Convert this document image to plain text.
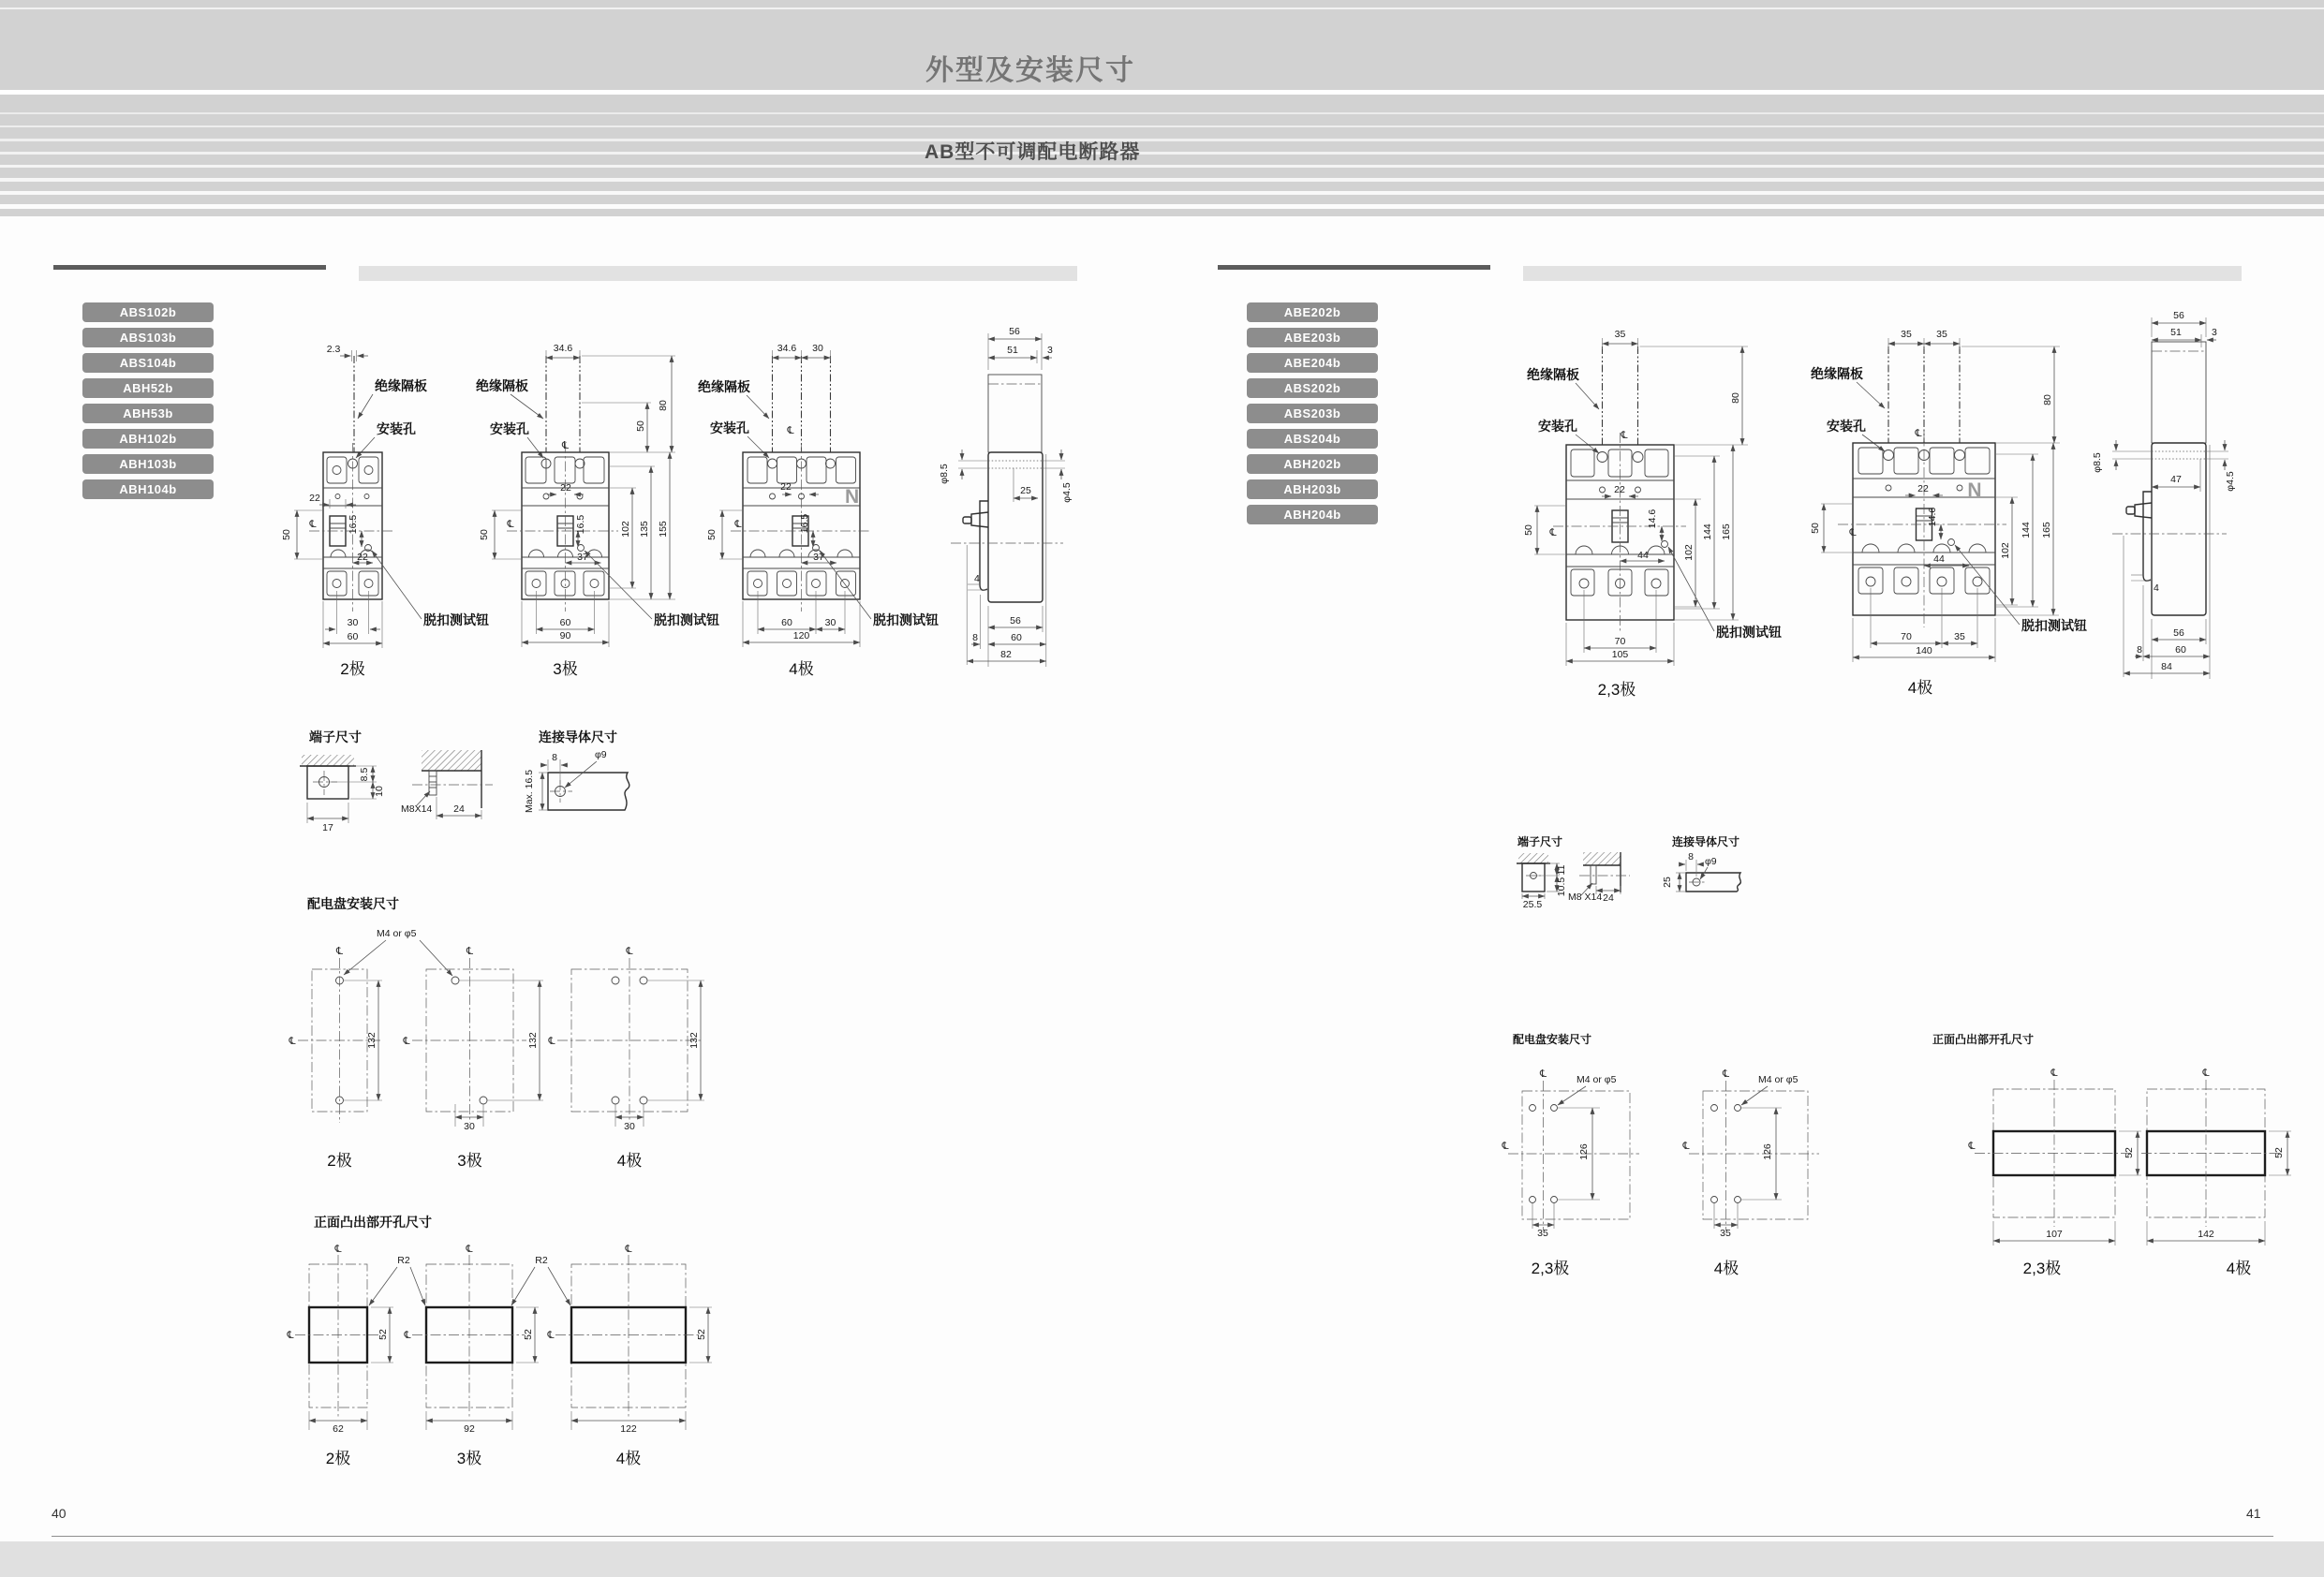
外型及安装尺寸
AB型不可调配电断路器
ABS102b
ABS103b
ABS104b
ABH52b
ABH53b
ABH102b
ABH103b
ABH104b
ABE202b
ABE203b
ABE204b
ABS202b
ABS203b
ABS204b
ABH202b
ABH203b
ABH204b
2.3
绝缘隔板
安装孔
22
50
℄	16.5
22
脱扣测试钮
30
60
2极
34.6
绝缘隔板
安装孔
℄
22
50
℄	16.5
37
脱扣测试钮
60
90
80
50
102 135 155
3极
34.6 30
绝缘隔板
安装孔	℄
N
22
50
℄	16.5
37
脱扣测试钮
60	30
120
4极
56
51	3
φ8.5
25	φ4.5
4
56
8	60
82
端子尺寸
17
8.5
10
M8X14 24
连接导体尺寸
8	φ9
Max. 16.5
配电盘安装尺寸
M4 or φ5
℄
℄	132
2极
℄
℄	132
30
3极
℄
℄	132
30
4极
正面凸出部开孔尺寸
R2	R2
℄
℄	52
62
2极
℄
℄	52
92
3极
℄
℄	52
122
4极
35
绝缘隔板
安装孔
℄
22
50 ℄
14.6
44
脱扣测试钮
70
105
80
102
144 165
2,3极
35	35
绝缘隔板
安装孔	℄
N
22
50	℄
14.6
44
脱扣测试钮
70	35
140
80
102
144 165
4极
56
51	3
φ8.5
47	φ4.5
4
56
8	60
84
端子尺寸
25.5
11
10.5
M8 X14 24
连接导体尺寸
8 φ9
25
配电盘安装尺寸
M4 or φ5
℄
℄	126
35
2,3极
M4 or φ5
℄
℄	126
35
4极
正面凸出部开孔尺寸
℄
℄
52
107
2,3极
℄
52
142
4极
40	41
